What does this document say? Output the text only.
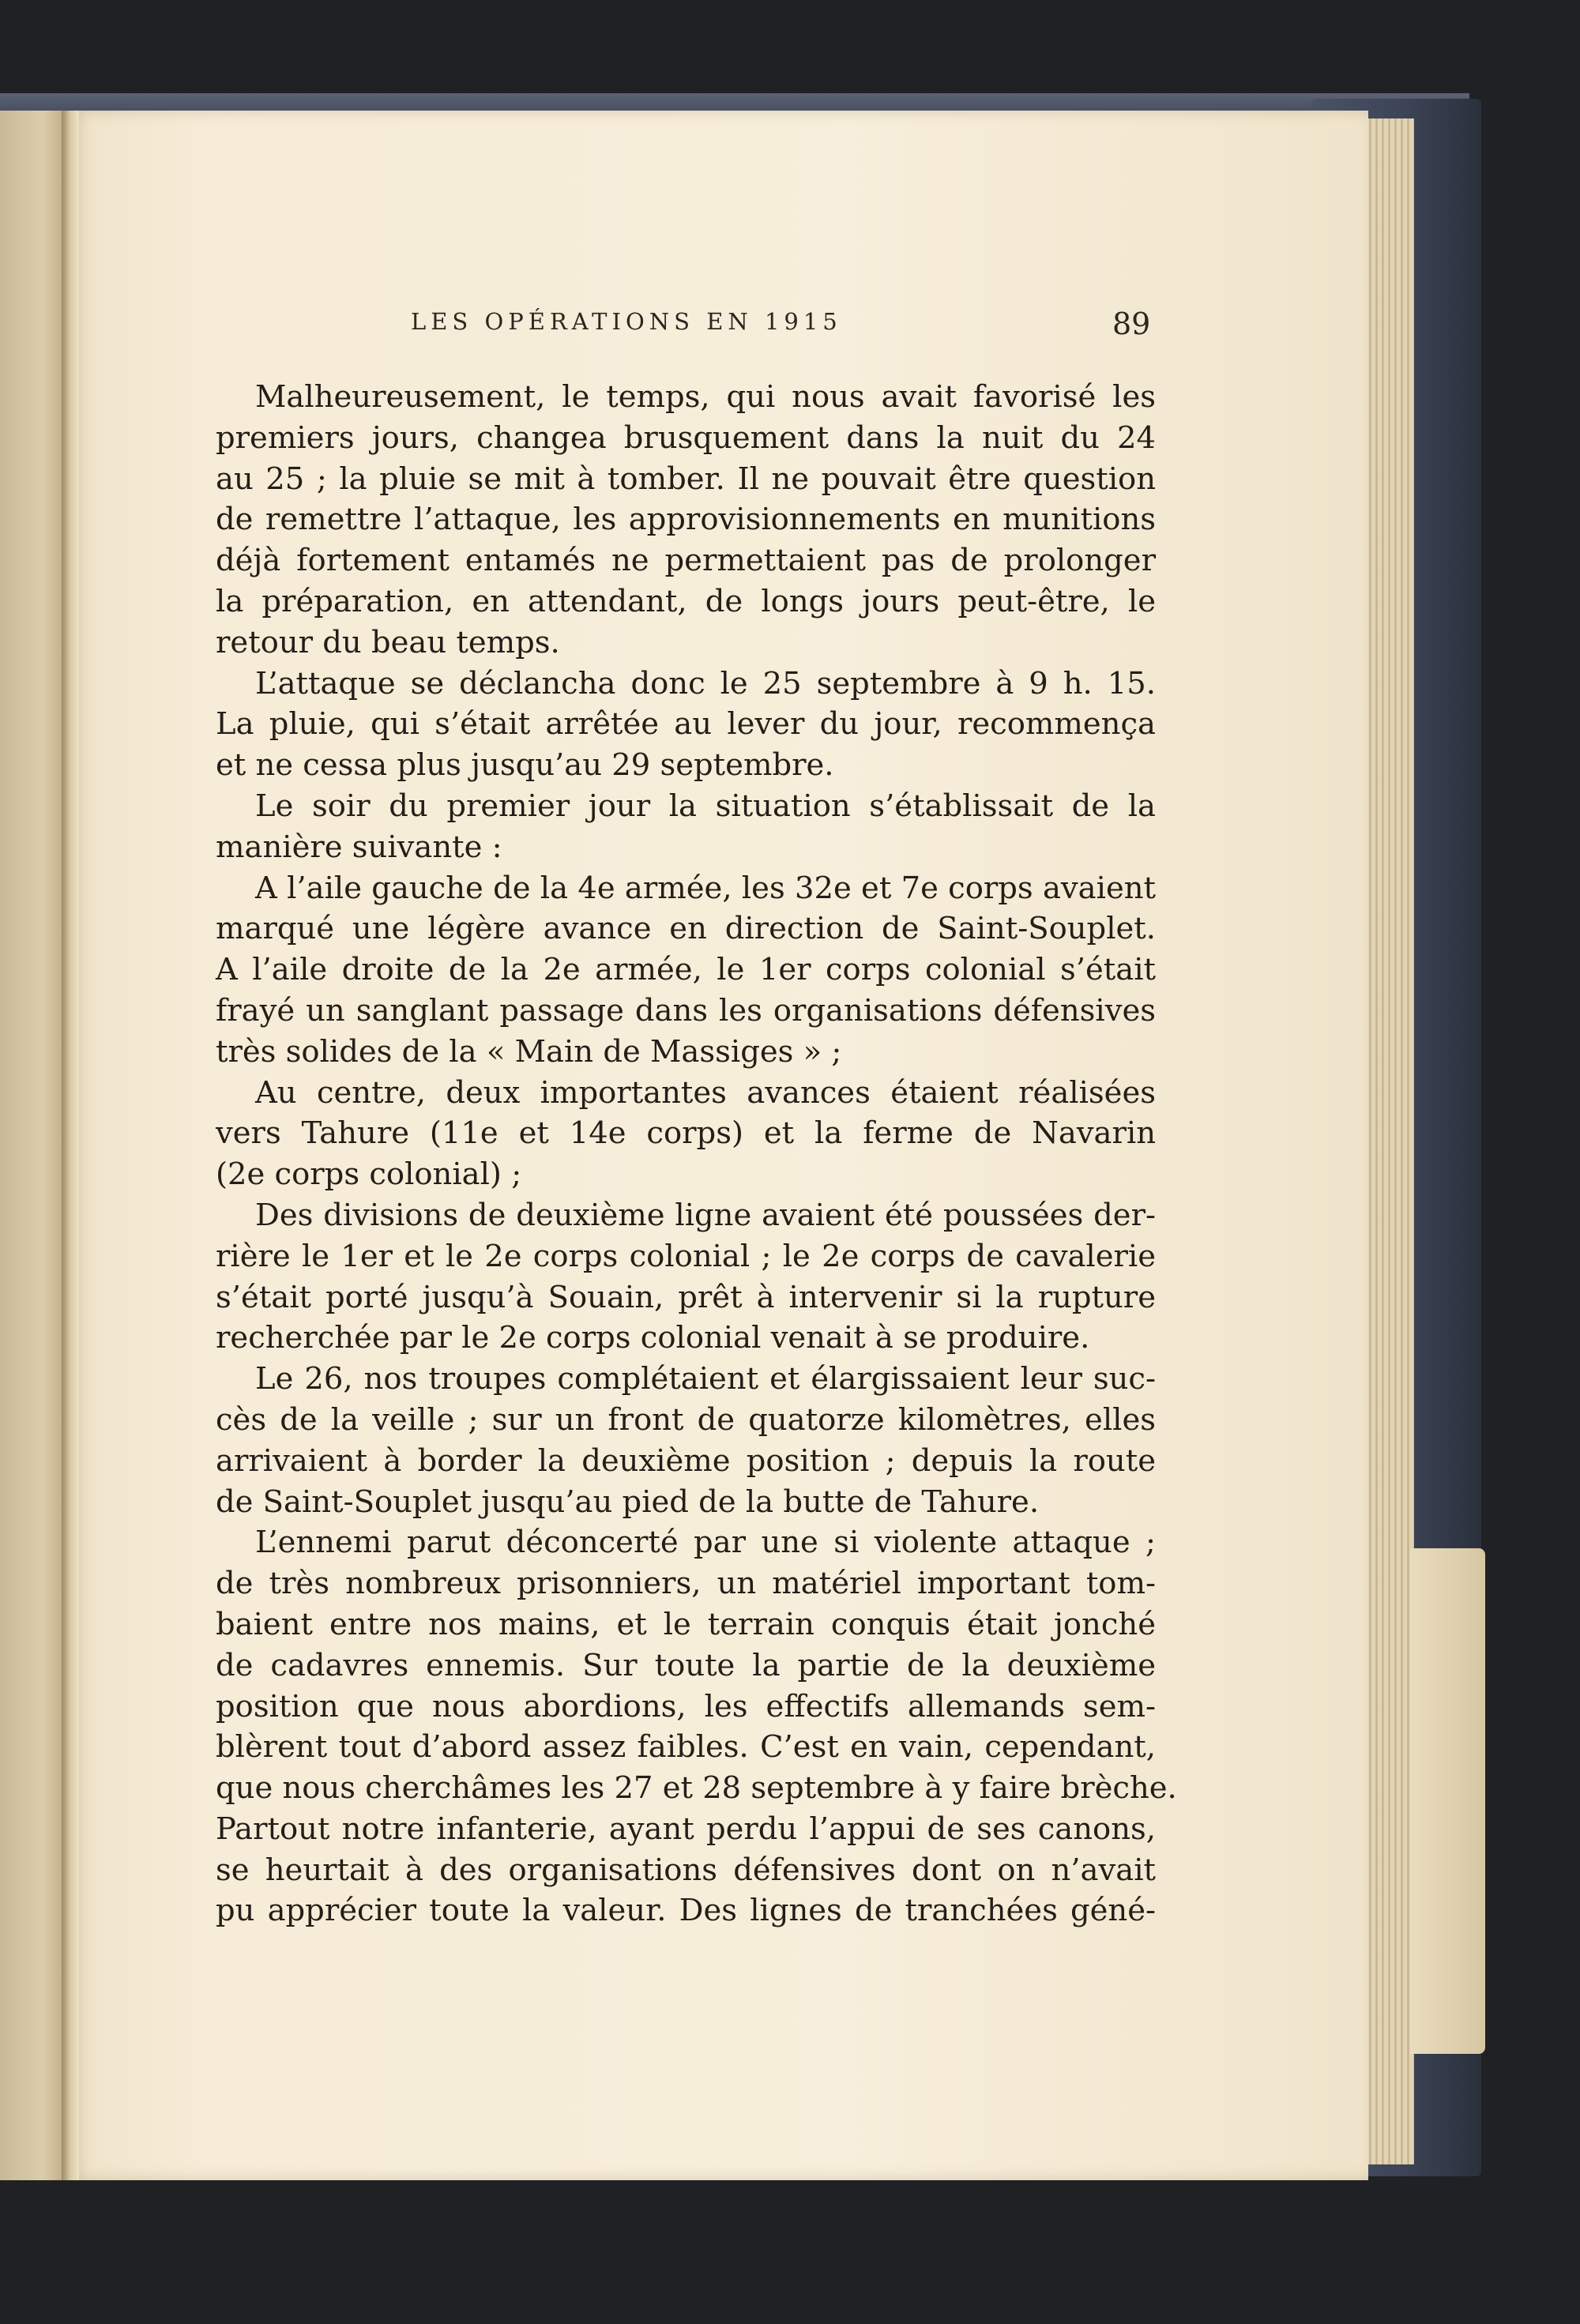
LES OPÉRATIONS EN 1915	89
Malheureusement, le temps, qui nous avait favorisé les
premiers jours, changea brusquement dans la nuit du 24
au 25 ; la pluie se mit à tomber. Il ne pouvait être question
de remettre l’attaque, les approvisionnements en munitions
déjà fortement entamés ne permettaient pas de prolonger
la préparation, en attendant, de longs jours peut-être, le
retour du beau temps.
L’attaque se déclancha donc le 25 septembre à 9 h. 15.
La pluie, qui s’était arrêtée au lever du jour, recommença
et ne cessa plus jusqu’au 29 septembre.
Le soir du premier jour la situation s’établissait de la
manière suivante :
A l’aile gauche de la 4e armée, les 32e et 7e corps avaient
marqué une légère avance en direction de Saint-Souplet.
A l’aile droite de la 2e armée, le 1er corps colonial s’était
frayé un sanglant passage dans les organisations défensives
très solides de la « Main de Massiges » ;
Au centre, deux importantes avances étaient réalisées
vers Tahure (11e et 14e corps) et la ferme de Navarin
(2e corps colonial) ;
Des divisions de deuxième ligne avaient été poussées der-
rière le 1er et le 2e corps colonial ; le 2e corps de cavalerie
s’était porté jusqu’à Souain, prêt à intervenir si la rupture
recherchée par le 2e corps colonial venait à se produire.
Le 26, nos troupes complétaient et élargissaient leur suc-
cès de la veille ; sur un front de quatorze kilomètres, elles
arrivaient à border la deuxième position ; depuis la route
de Saint-Souplet jusqu’au pied de la butte de Tahure.
L’ennemi parut déconcerté par une si violente attaque ;
de très nombreux prisonniers, un matériel important tom-
baient entre nos mains, et le terrain conquis était jonché
de cadavres ennemis. Sur toute la partie de la deuxième
position que nous abordions, les effectifs allemands sem-
blèrent tout d’abord assez faibles. C’est en vain, cependant,
que nous cherchâmes les 27 et 28 septembre à y faire brèche.
Partout notre infanterie, ayant perdu l’appui de ses canons,
se heurtait à des organisations défensives dont on n’avait
pu apprécier toute la valeur. Des lignes de tranchées géné-
